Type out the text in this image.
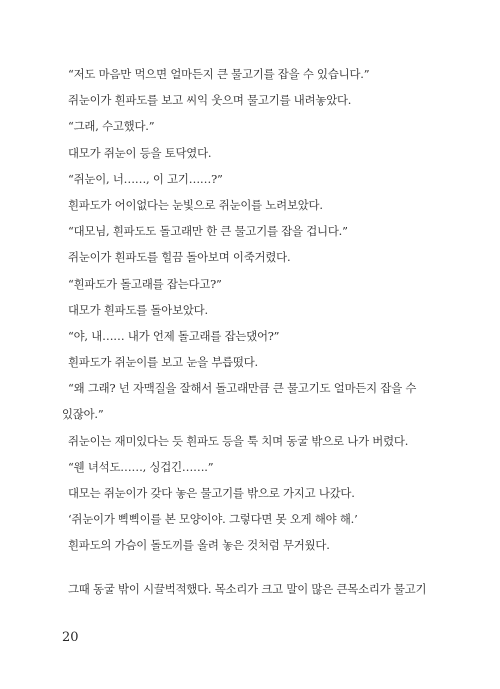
“저도 마음만 먹으면 얼마든지 큰 물고기를 잡을 수 있습니다.”

쥐눈이가 흰파도를 보고 씨익 웃으며 물고기를 내려놓았다.

“그래, 수고했다.”

대모가 쥐눈이 등을 토닥였다.

“쥐눈이, 너……, 이 고기……?”

흰파도가 어이없다는 눈빛으로 쥐눈이를 노려보았다.

“대모님, 흰파도도 돌고래만 한 큰 물고기를 잡을 겁니다.”

쥐눈이가 흰파도를 힐끔 돌아보며 이죽거렸다.

“흰파도가 돌고래를 잡는다고?”

대모가 흰파도를 돌아보았다.

“야, 내…… 내가 언제 돌고래를 잡는댔어?”

흰파도가 쥐눈이를 보고 눈을 부릅떴다.

“왜 그래? 넌 자맥질을 잘해서 돌고래만큼 큰 물고기도 얼마든지 잡을 수

있잖아.”

쥐눈이는 재미있다는 듯 흰파도 등을 툭 치며 동굴 밖으로 나가 버렸다.

“웬 녀석도……, 싱겁긴…….”

대모는 쥐눈이가 갖다 놓은 물고기를 밖으로 가지고 나갔다.

‘쥐눈이가 삑삑이를 본 모양이야. 그렇다면 못 오게 해야 해.’

흰파도의 가슴이 돌도끼를 올려 놓은 것처럼 무거웠다.

그때 동굴 밖이 시끌벅적했다. 목소리가 크고 말이 많은 큰목소리가 물고기

20
